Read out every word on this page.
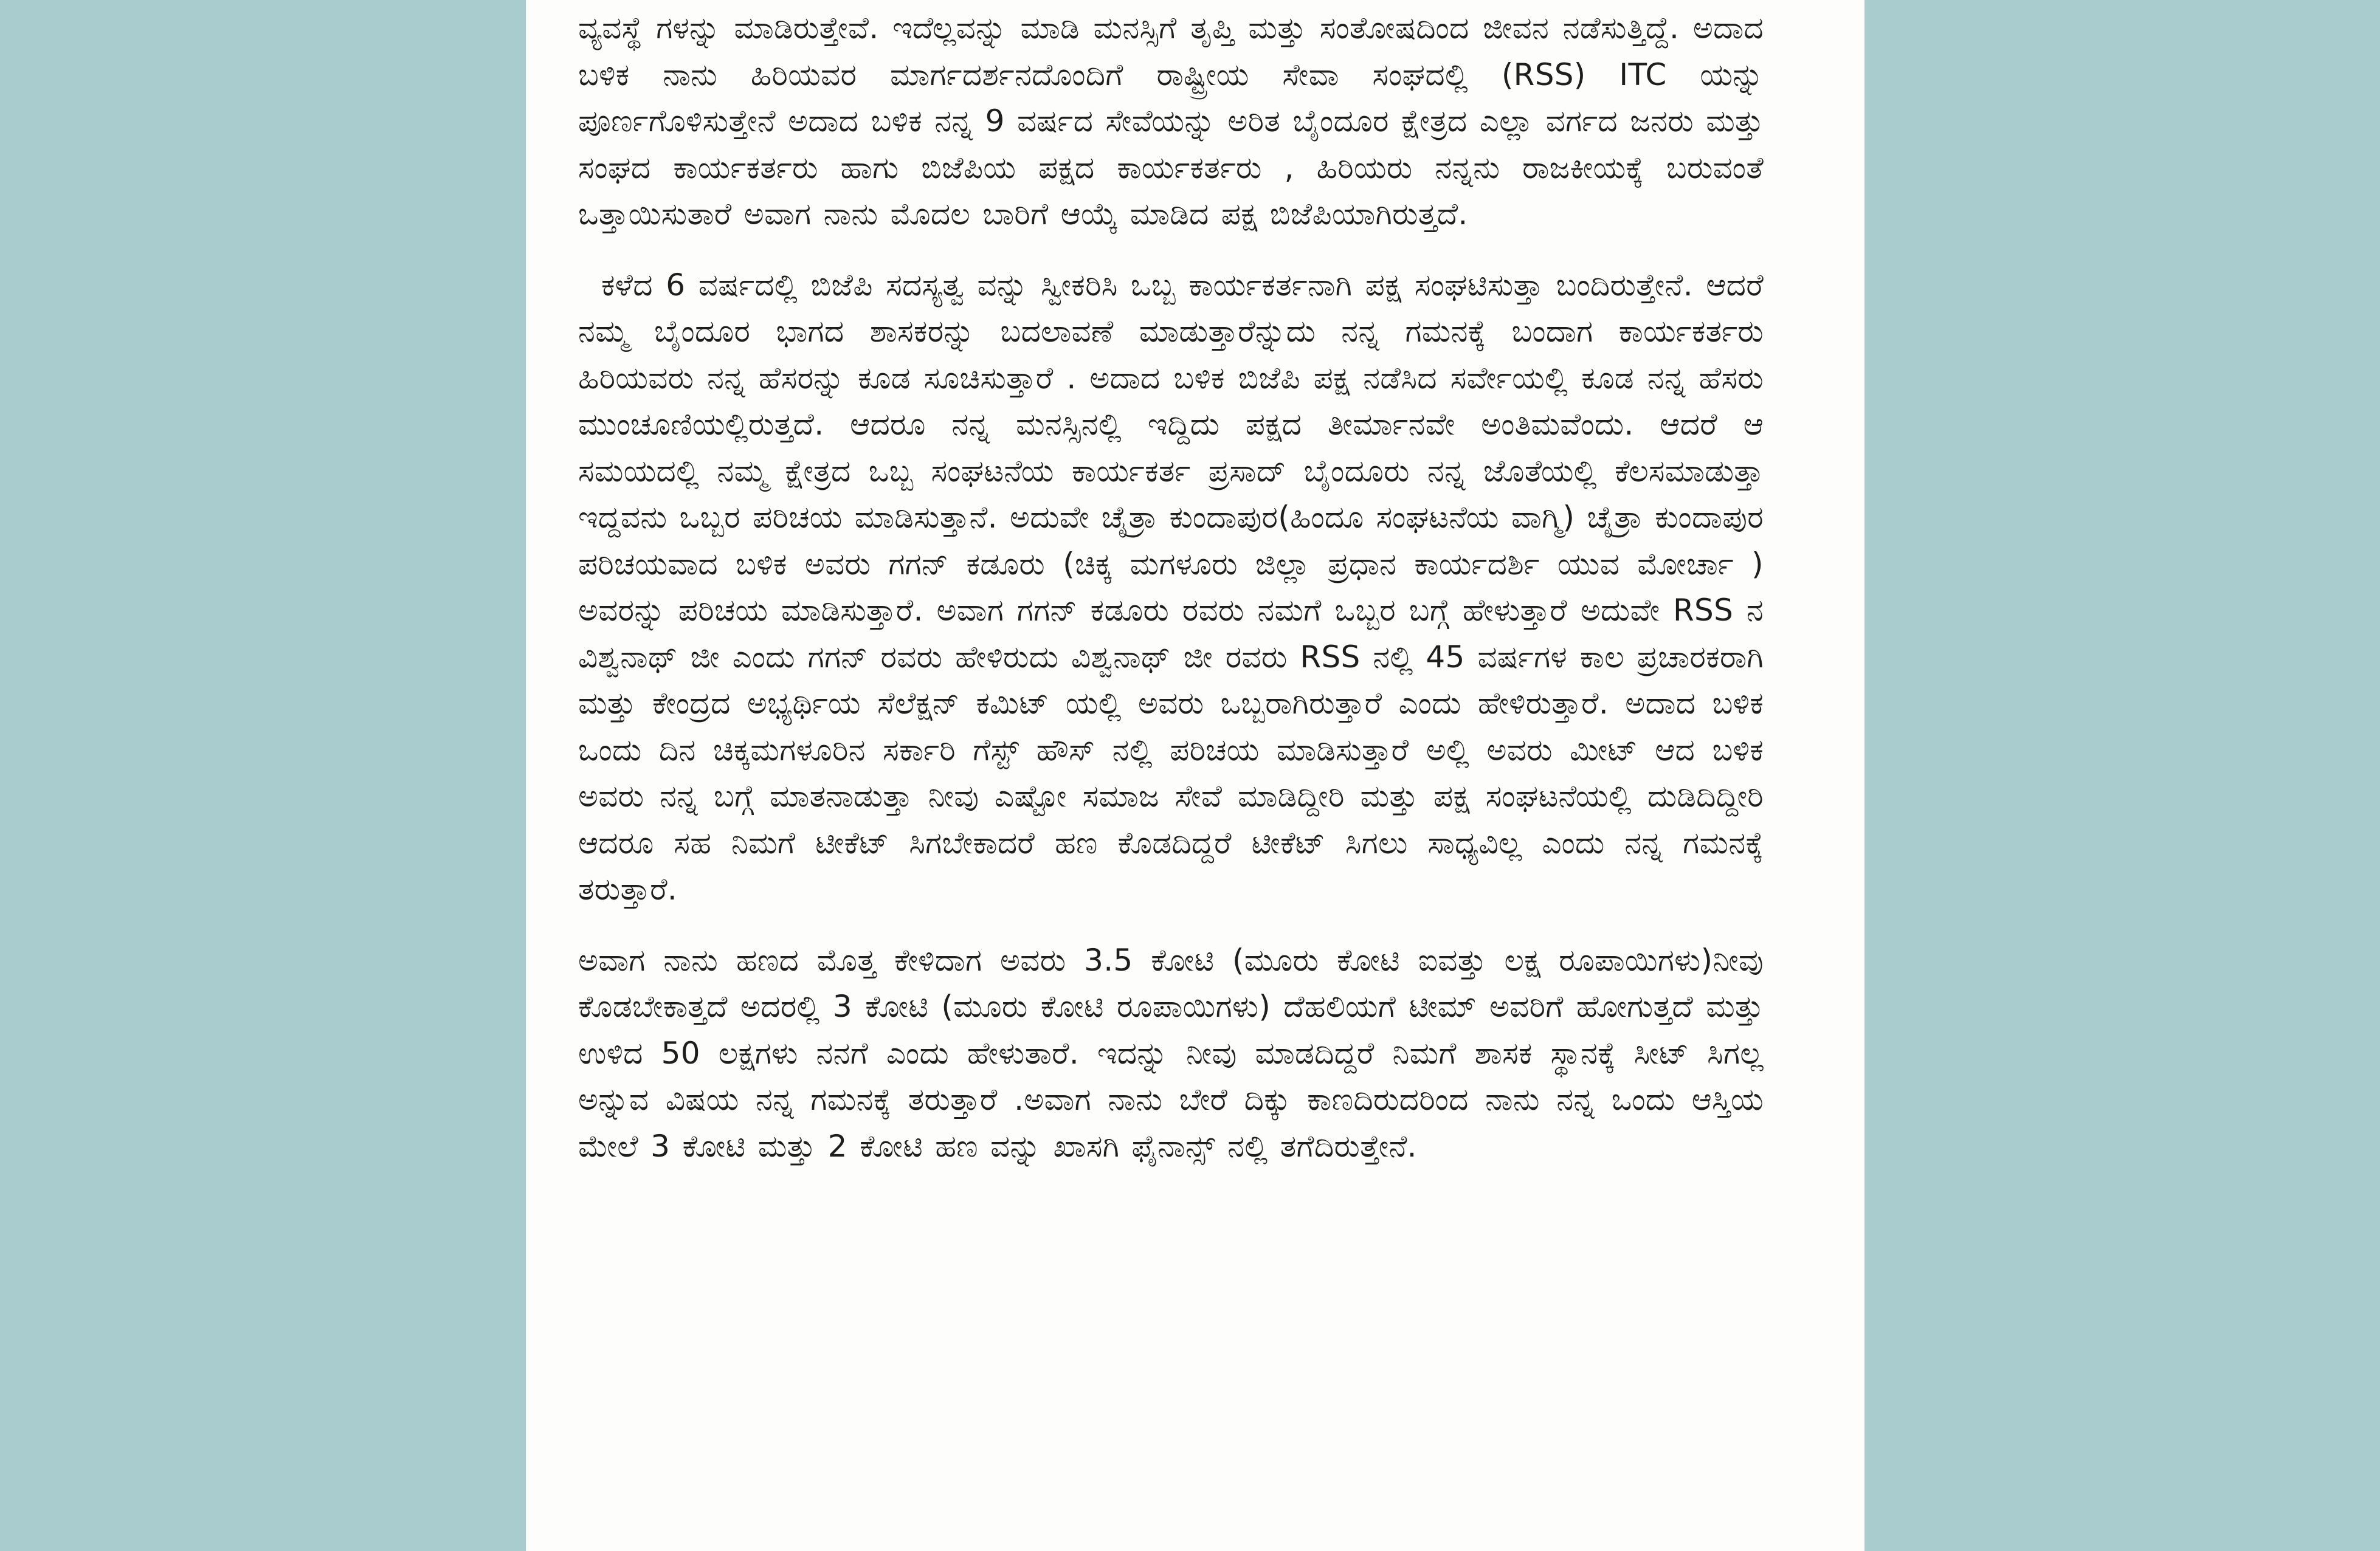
ವ್ಯವಸ್ಥೆ ಗಳನ್ನು ಮಾಡಿರುತ್ತೇವೆ. ಇದೆಲ್ಲವನ್ನು ಮಾಡಿ ಮನಸ್ಸಿಗೆ ತೃಪ್ತಿ ಮತ್ತು ಸಂತೋಷದಿಂದ ಜೀವನ ನಡೆಸುತ್ತಿದ್ದೆ. ಅದಾದ ಬಳಿಕ ನಾನು ಹಿರಿಯವರ ಮಾರ್ಗದರ್ಶನದೊಂದಿಗೆ ರಾಷ್ಟ್ರೀಯ ಸೇವಾ ಸಂಘದಲ್ಲಿ (RSS) ITC ಯನ್ನು ಪೂರ್ಣಗೊಳಿಸುತ್ತೇನೆ ಅದಾದ ಬಳಿಕ ನನ್ನ 9 ವರ್ಷದ ಸೇವೆಯನ್ನು ಅರಿತ ಬೈಂದೂರ ಕ್ಷೇತ್ರದ ಎಲ್ಲಾ ವರ್ಗದ ಜನರು ಮತ್ತು ಸಂಘದ ಕಾರ್ಯಕರ್ತರು ಹಾಗು ಬಿಜೆಪಿಯ ಪಕ್ಷದ ಕಾರ್ಯಕರ್ತರು , ಹಿರಿಯರು ನನ್ನನು ರಾಜಕೀಯಕ್ಕೆ ಬರುವಂತೆ ಒತ್ತಾಯಿಸುತಾರೆ ಅವಾಗ ನಾನು ಮೊದಲ ಬಾರಿಗೆ ಆಯ್ಕೆ ಮಾಡಿದ ಪಕ್ಷ ಬಿಜೆಪಿಯಾಗಿರುತ್ತದೆ.

ಕಳೆದ 6 ವರ್ಷದಲ್ಲಿ ಬಿಜೆಪಿ ಸದಸ್ಯತ್ವ ವನ್ನು ಸ್ವೀಕರಿಸಿ ಒಬ್ಬ ಕಾರ್ಯಕರ್ತನಾಗಿ ಪಕ್ಷ ಸಂಘಟಿಸುತ್ತಾ ಬಂದಿರುತ್ತೇನೆ. ಆದರೆ ನಮ್ಮ ಬೈಂದೂರ ಭಾಗದ ಶಾಸಕರನ್ನು ಬದಲಾವಣೆ ಮಾಡುತ್ತಾರೆನ್ನುದು ನನ್ನ ಗಮನಕ್ಕೆ ಬಂದಾಗ ಕಾರ್ಯಕರ್ತರು ಹಿರಿಯವರು ನನ್ನ ಹೆಸರನ್ನು ಕೂಡ ಸೂಚಿಸುತ್ತಾರೆ . ಅದಾದ ಬಳಿಕ ಬಿಜೆಪಿ ಪಕ್ಷ ನಡೆಸಿದ ಸರ್ವೇಯಲ್ಲಿ ಕೂಡ ನನ್ನ ಹೆಸರು ಮುಂಚೂಣಿಯಲ್ಲಿರುತ್ತದೆ. ಆದರೂ ನನ್ನ ಮನಸ್ಸಿನಲ್ಲಿ ಇದ್ದಿದು ಪಕ್ಷದ ತೀರ್ಮಾನವೇ ಅಂತಿಮವೆಂದು. ಆದರೆ ಆ ಸಮಯದಲ್ಲಿ ನಮ್ಮ ಕ್ಷೇತ್ರದ ಒಬ್ಬ ಸಂಘಟನೆಯ ಕಾರ್ಯಕರ್ತ ಪ್ರಸಾದ್ ಬೈಂದೂರು ನನ್ನ ಜೊತೆಯಲ್ಲಿ ಕೆಲಸಮಾಡುತ್ತಾ ಇದ್ದವನು ಒಬ್ಬರ ಪರಿಚಯ ಮಾಡಿಸುತ್ತಾನೆ. ಅದುವೇ ಚೈತ್ರಾ ಕುಂದಾಪುರ(ಹಿಂದೂ ಸಂಘಟನೆಯ ವಾಗ್ಮಿ) ಚೈತ್ರಾ ಕುಂದಾಪುರ ಪರಿಚಯವಾದ ಬಳಿಕ ಅವರು ಗಗನ್ ಕಡೂರು (ಚಿಕ್ಕ ಮಗಳೂರು ಜಿಲ್ಲಾ ಪ್ರಧಾನ ಕಾರ್ಯದರ್ಶಿ ಯುವ ಮೋರ್ಚಾ ) ಅವರನ್ನು ಪರಿಚಯ ಮಾಡಿಸುತ್ತಾರೆ. ಅವಾಗ ಗಗನ್ ಕಡೂರು ರವರು ನಮಗೆ ಒಬ್ಬರ ಬಗ್ಗೆ ಹೇಳುತ್ತಾರೆ ಅದುವೇ RSS ನ ವಿಶ್ವನಾಥ್ ಜೀ ಎಂದು ಗಗನ್ ರವರು ಹೇಳಿರುದು ವಿಶ್ವನಾಥ್ ಜೀ ರವರು RSS ನಲ್ಲಿ 45 ವರ್ಷಗಳ ಕಾಲ ಪ್ರಚಾರಕರಾಗಿ ಮತ್ತು ಕೇಂದ್ರದ ಅಭ್ಯರ್ಥಿಯ ಸೆಲೆಕ್ಷನ್ ಕಮಿಟ್ ಯಲ್ಲಿ ಅವರು ಒಬ್ಬರಾಗಿರುತ್ತಾರೆ ಎಂದು ಹೇಳಿರುತ್ತಾರೆ. ಅದಾದ ಬಳಿಕ ಒಂದು ದಿನ ಚಿಕ್ಕಮಗಳೂರಿನ ಸರ್ಕಾರಿ ಗೆಸ್ಟ್ ಹೌಸ್ ನಲ್ಲಿ ಪರಿಚಯ ಮಾಡಿಸುತ್ತಾರೆ ಅಲ್ಲಿ ಅವರು ಮೀಟ್ ಆದ ಬಳಿಕ ಅವರು ನನ್ನ ಬಗ್ಗೆ ಮಾತನಾಡುತ್ತಾ ನೀವು ಎಷ್ಟೋ ಸಮಾಜ ಸೇವೆ ಮಾಡಿದ್ದೀರಿ ಮತ್ತು ಪಕ್ಷ ಸಂಘಟನೆಯಲ್ಲಿ ದುಡಿದಿದ್ದೀರಿ ಆದರೂ ಸಹ ನಿಮಗೆ ಟೀಕೆಟ್ ಸಿಗಬೇಕಾದರೆ ಹಣ ಕೊಡದಿದ್ದರೆ ಟೀಕೆಟ್ ಸಿಗಲು ಸಾಧ್ಯವಿಲ್ಲ ಎಂದು ನನ್ನ ಗಮನಕ್ಕೆ ತರುತ್ತಾರೆ.

ಅವಾಗ ನಾನು ಹಣದ ಮೊತ್ತ ಕೇಳಿದಾಗ ಅವರು 3.5 ಕೋಟಿ (ಮೂರು ಕೋಟಿ ಐವತ್ತು ಲಕ್ಷ ರೂಪಾಯಿಗಳು)ನೀವು ಕೊಡಬೇಕಾತ್ತದೆ ಅದರಲ್ಲಿ 3 ಕೋಟಿ (ಮೂರು ಕೋಟಿ ರೂಪಾಯಿಗಳು) ದೆಹಲಿಯಗೆ ಟೀಮ್ ಅವರಿಗೆ ಹೋಗುತ್ತದೆ ಮತ್ತು ಉಳಿದ 50 ಲಕ್ಷಗಳು ನನಗೆ ಎಂದು ಹೇಳುತಾರೆ. ಇದನ್ನು ನೀವು ಮಾಡದಿದ್ದರೆ ನಿಮಗೆ ಶಾಸಕ ಸ್ಥಾನಕ್ಕೆ ಸೀಟ್ ಸಿಗಲ್ಲ ಅನ್ನುವ ವಿಷಯ ನನ್ನ ಗಮನಕ್ಕೆ ತರುತ್ತಾರೆ .ಅವಾಗ ನಾನು ಬೇರೆ ದಿಕ್ಕು ಕಾಣದಿರುದರಿಂದ ನಾನು ನನ್ನ ಒಂದು ಆಸ್ತಿಯ ಮೇಲೆ 3 ಕೋಟಿ ಮತ್ತು 2 ಕೋಟಿ ಹಣ ವನ್ನು ಖಾಸಗಿ ಫೈನಾನ್ಸ್ ನಲ್ಲಿ ತಗೆದಿರುತ್ತೇನೆ.
